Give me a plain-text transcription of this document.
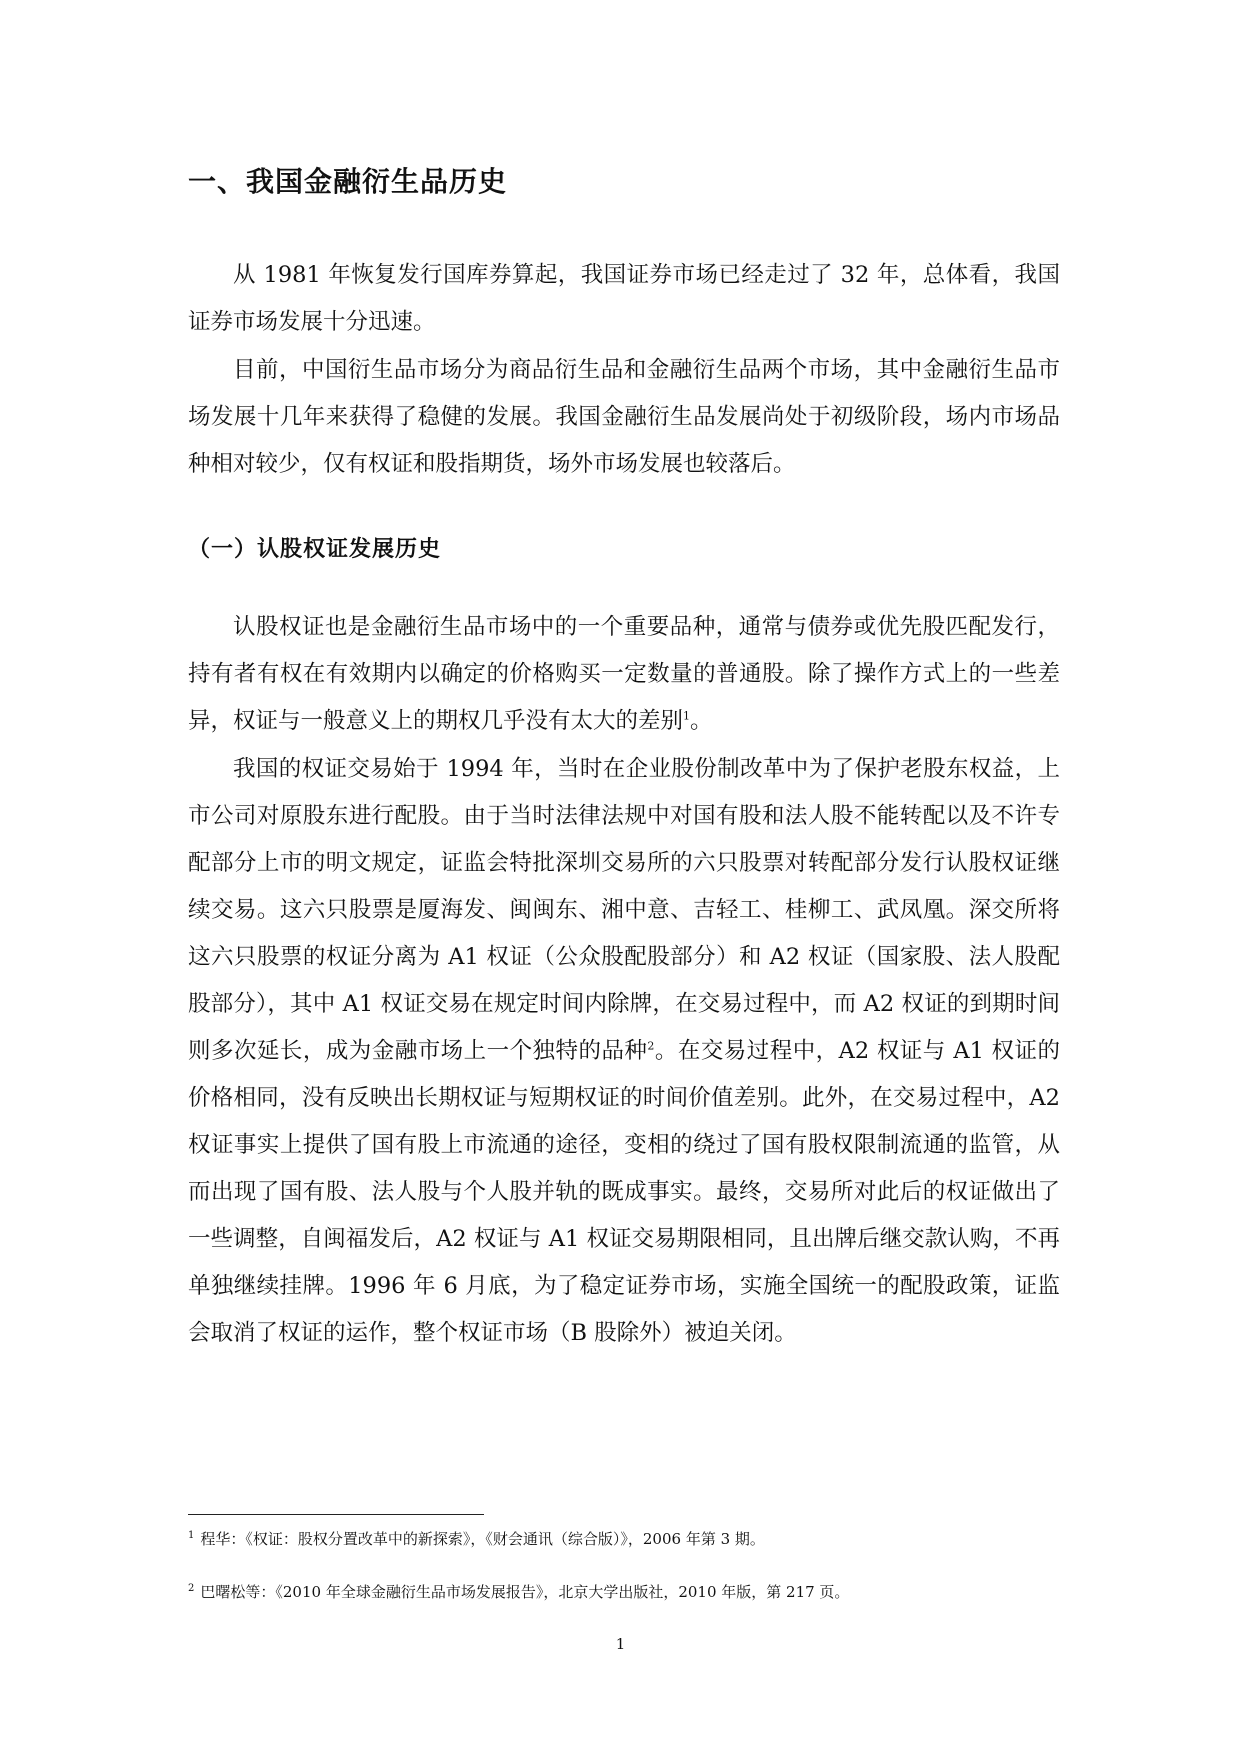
一、我国金融衍生品历史

从 1981 年恢复发行国库券算起，我国证券市场已经走过了 32 年，总体看，我国证券市场发展十分迅速。

目前，中国衍生品市场分为商品衍生品和金融衍生品两个市场，其中金融衍生品市场发展十几年来获得了稳健的发展。我国金融衍生品发展尚处于初级阶段，场内市场品种相对较少，仅有权证和股指期货，场外市场发展也较落后。

（一）认股权证发展历史

认股权证也是金融衍生品市场中的一个重要品种，通常与债券或优先股匹配发行，持有者有权在有效期内以确定的价格购买一定数量的普通股。除了操作方式上的一些差异，权证与一般意义上的期权几乎没有太大的差别$^1$。

我国的权证交易始于 1994 年，当时在企业股份制改革中为了保护老股东权益，上市公司对原股东进行配股。由于当时法律法规中对国有股和法人股不能转配以及不许专配部分上市的明文规定，证监会特批深圳交易所的六只股票对转配部分发行认股权证继续交易。这六只股票是厦海发、闽闽东、湘中意、吉轻工、桂柳工、武凤凰。深交所将这六只股票的权证分离为 A1 权证（公众股配股部分）和 A2 权证（国家股、法人股配股部分），其中 A1 权证交易在规定时间内除牌，在交易过程中，而 A2 权证的到期时间则多次延长，成为金融市场上一个独特的品种$^2$。在交易过程中，A2 权证与 A1 权证的价格相同，没有反映出长期权证与短期权证的时间价值差别。此外，在交易过程中，A2 权证事实上提供了国有股上市流通的途径，变相的绕过了国有股权限制流通的监管，从而出现了国有股、法人股与个人股并轨的既成事实。最终，交易所对此后的权证做出了一些调整，自闽福发后，A2 权证与 A1 权证交易期限相同，且出牌后继交款认购，不再单独继续挂牌。1996 年 6 月底，为了稳定证券市场，实施全国统一的配股政策，证监会取消了权证的运作，整个权证市场（B 股除外）被迫关闭。

$^1$ 程华：《权证：股权分置改革中的新探索》，《财会通讯（综合版）》，2006 年第 3 期。
$^2$ 巴曙松等：《2010 年全球金融衍生品市场发展报告》，北京大学出版社，2010 年版，第 217 页。
1
